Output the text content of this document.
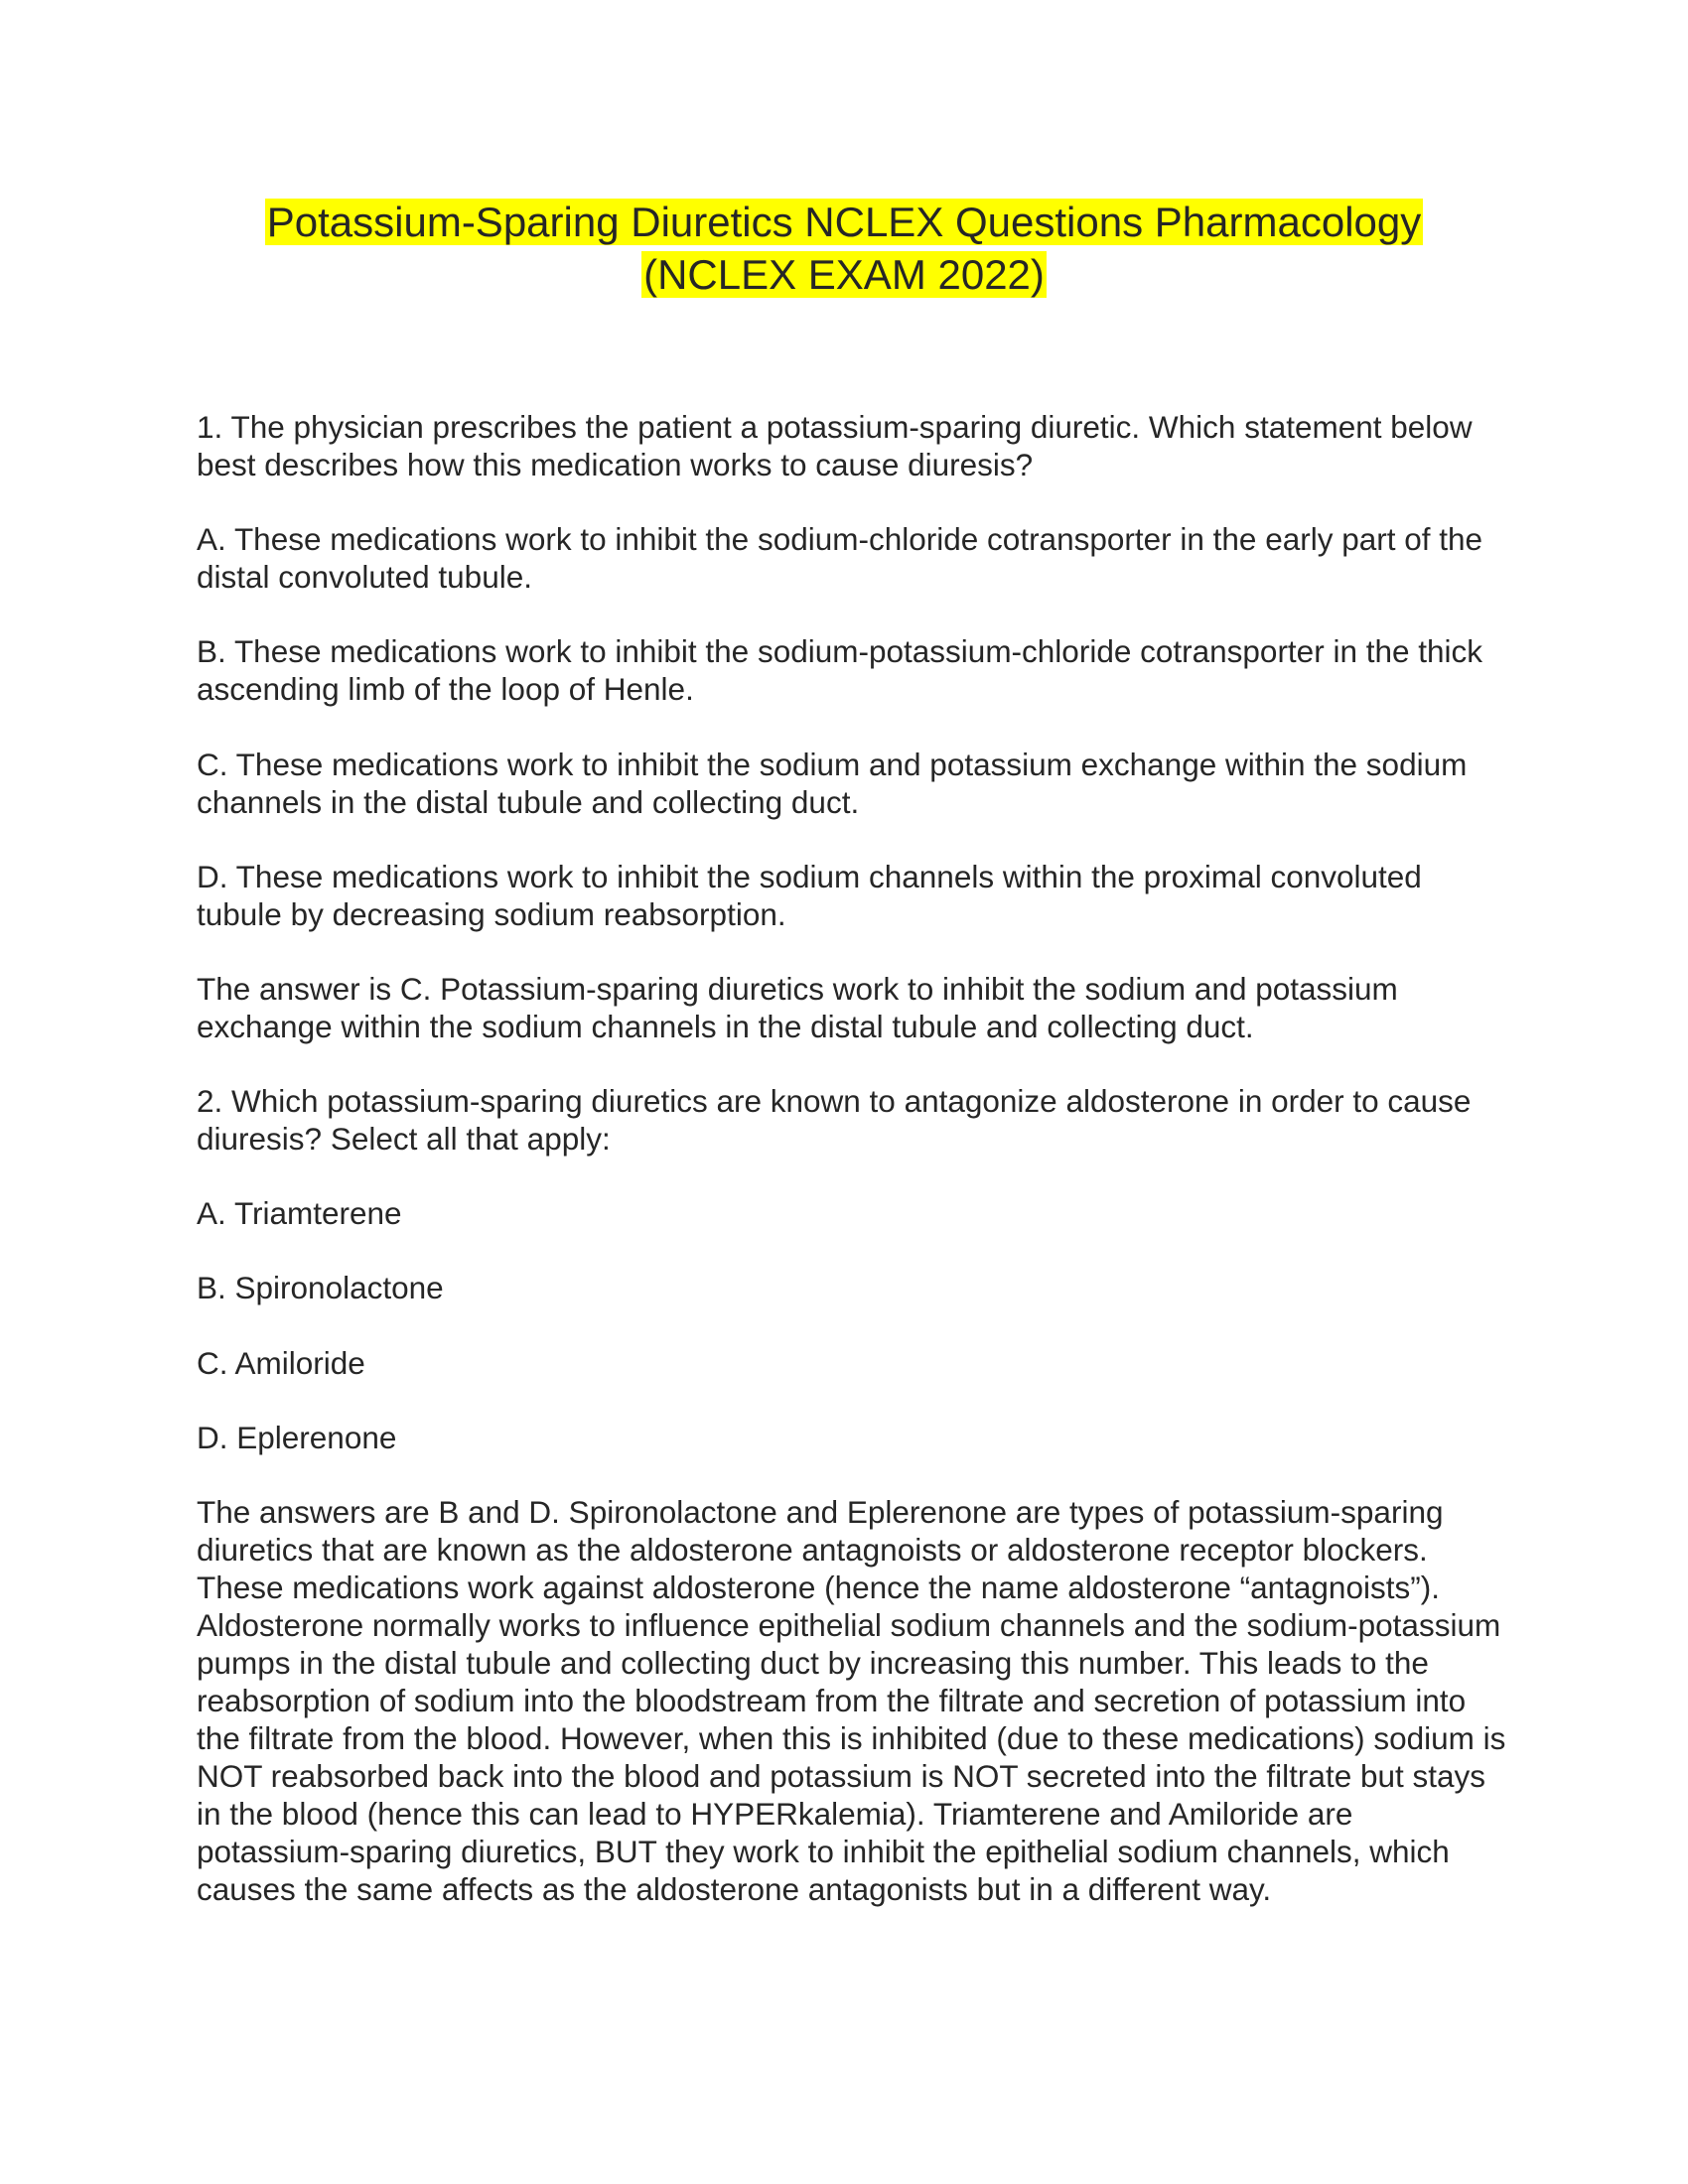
Potassium-Sparing Diuretics NCLEX Questions Pharmacology
(NCLEX EXAM 2022)

1. The physician prescribes the patient a potassium-sparing diuretic. Which statement below best describes how this medication works to cause diuresis?

A. These medications work to inhibit the sodium-chloride cotransporter in the early part of the distal convoluted tubule.

B. These medications work to inhibit the sodium-potassium-chloride cotransporter in the thick ascending limb of the loop of Henle.

C. These medications work to inhibit the sodium and potassium exchange within the sodium channels in the distal tubule and collecting duct.

D. These medications work to inhibit the sodium channels within the proximal convoluted tubule by decreasing sodium reabsorption.

The answer is C. Potassium-sparing diuretics work to inhibit the sodium and potassium exchange within the sodium channels in the distal tubule and collecting duct.

2. Which potassium-sparing diuretics are known to antagonize aldosterone in order to cause diuresis? Select all that apply:

A. Triamterene

B. Spironolactone

C. Amiloride

D. Eplerenone

The answers are B and D. Spironolactone and Eplerenone are types of potassium-sparing diuretics that are known as the aldosterone antagnoists or aldosterone receptor blockers. These medications work against aldosterone (hence the name aldosterone “antagnoists”). Aldosterone normally works to influence epithelial sodium channels and the sodium-potassium pumps in the distal tubule and collecting duct by increasing this number. This leads to the reabsorption of sodium into the bloodstream from the filtrate and secretion of potassium into the filtrate from the blood. However, when this is inhibited (due to these medications) sodium is NOT reabsorbed back into the blood and potassium is NOT secreted into the filtrate but stays in the blood (hence this can lead to HYPERkalemia). Triamterene and Amiloride are potassium-sparing diuretics, BUT they work to inhibit the epithelial sodium channels, which causes the same affects as the aldosterone antagonists but in a different way.
